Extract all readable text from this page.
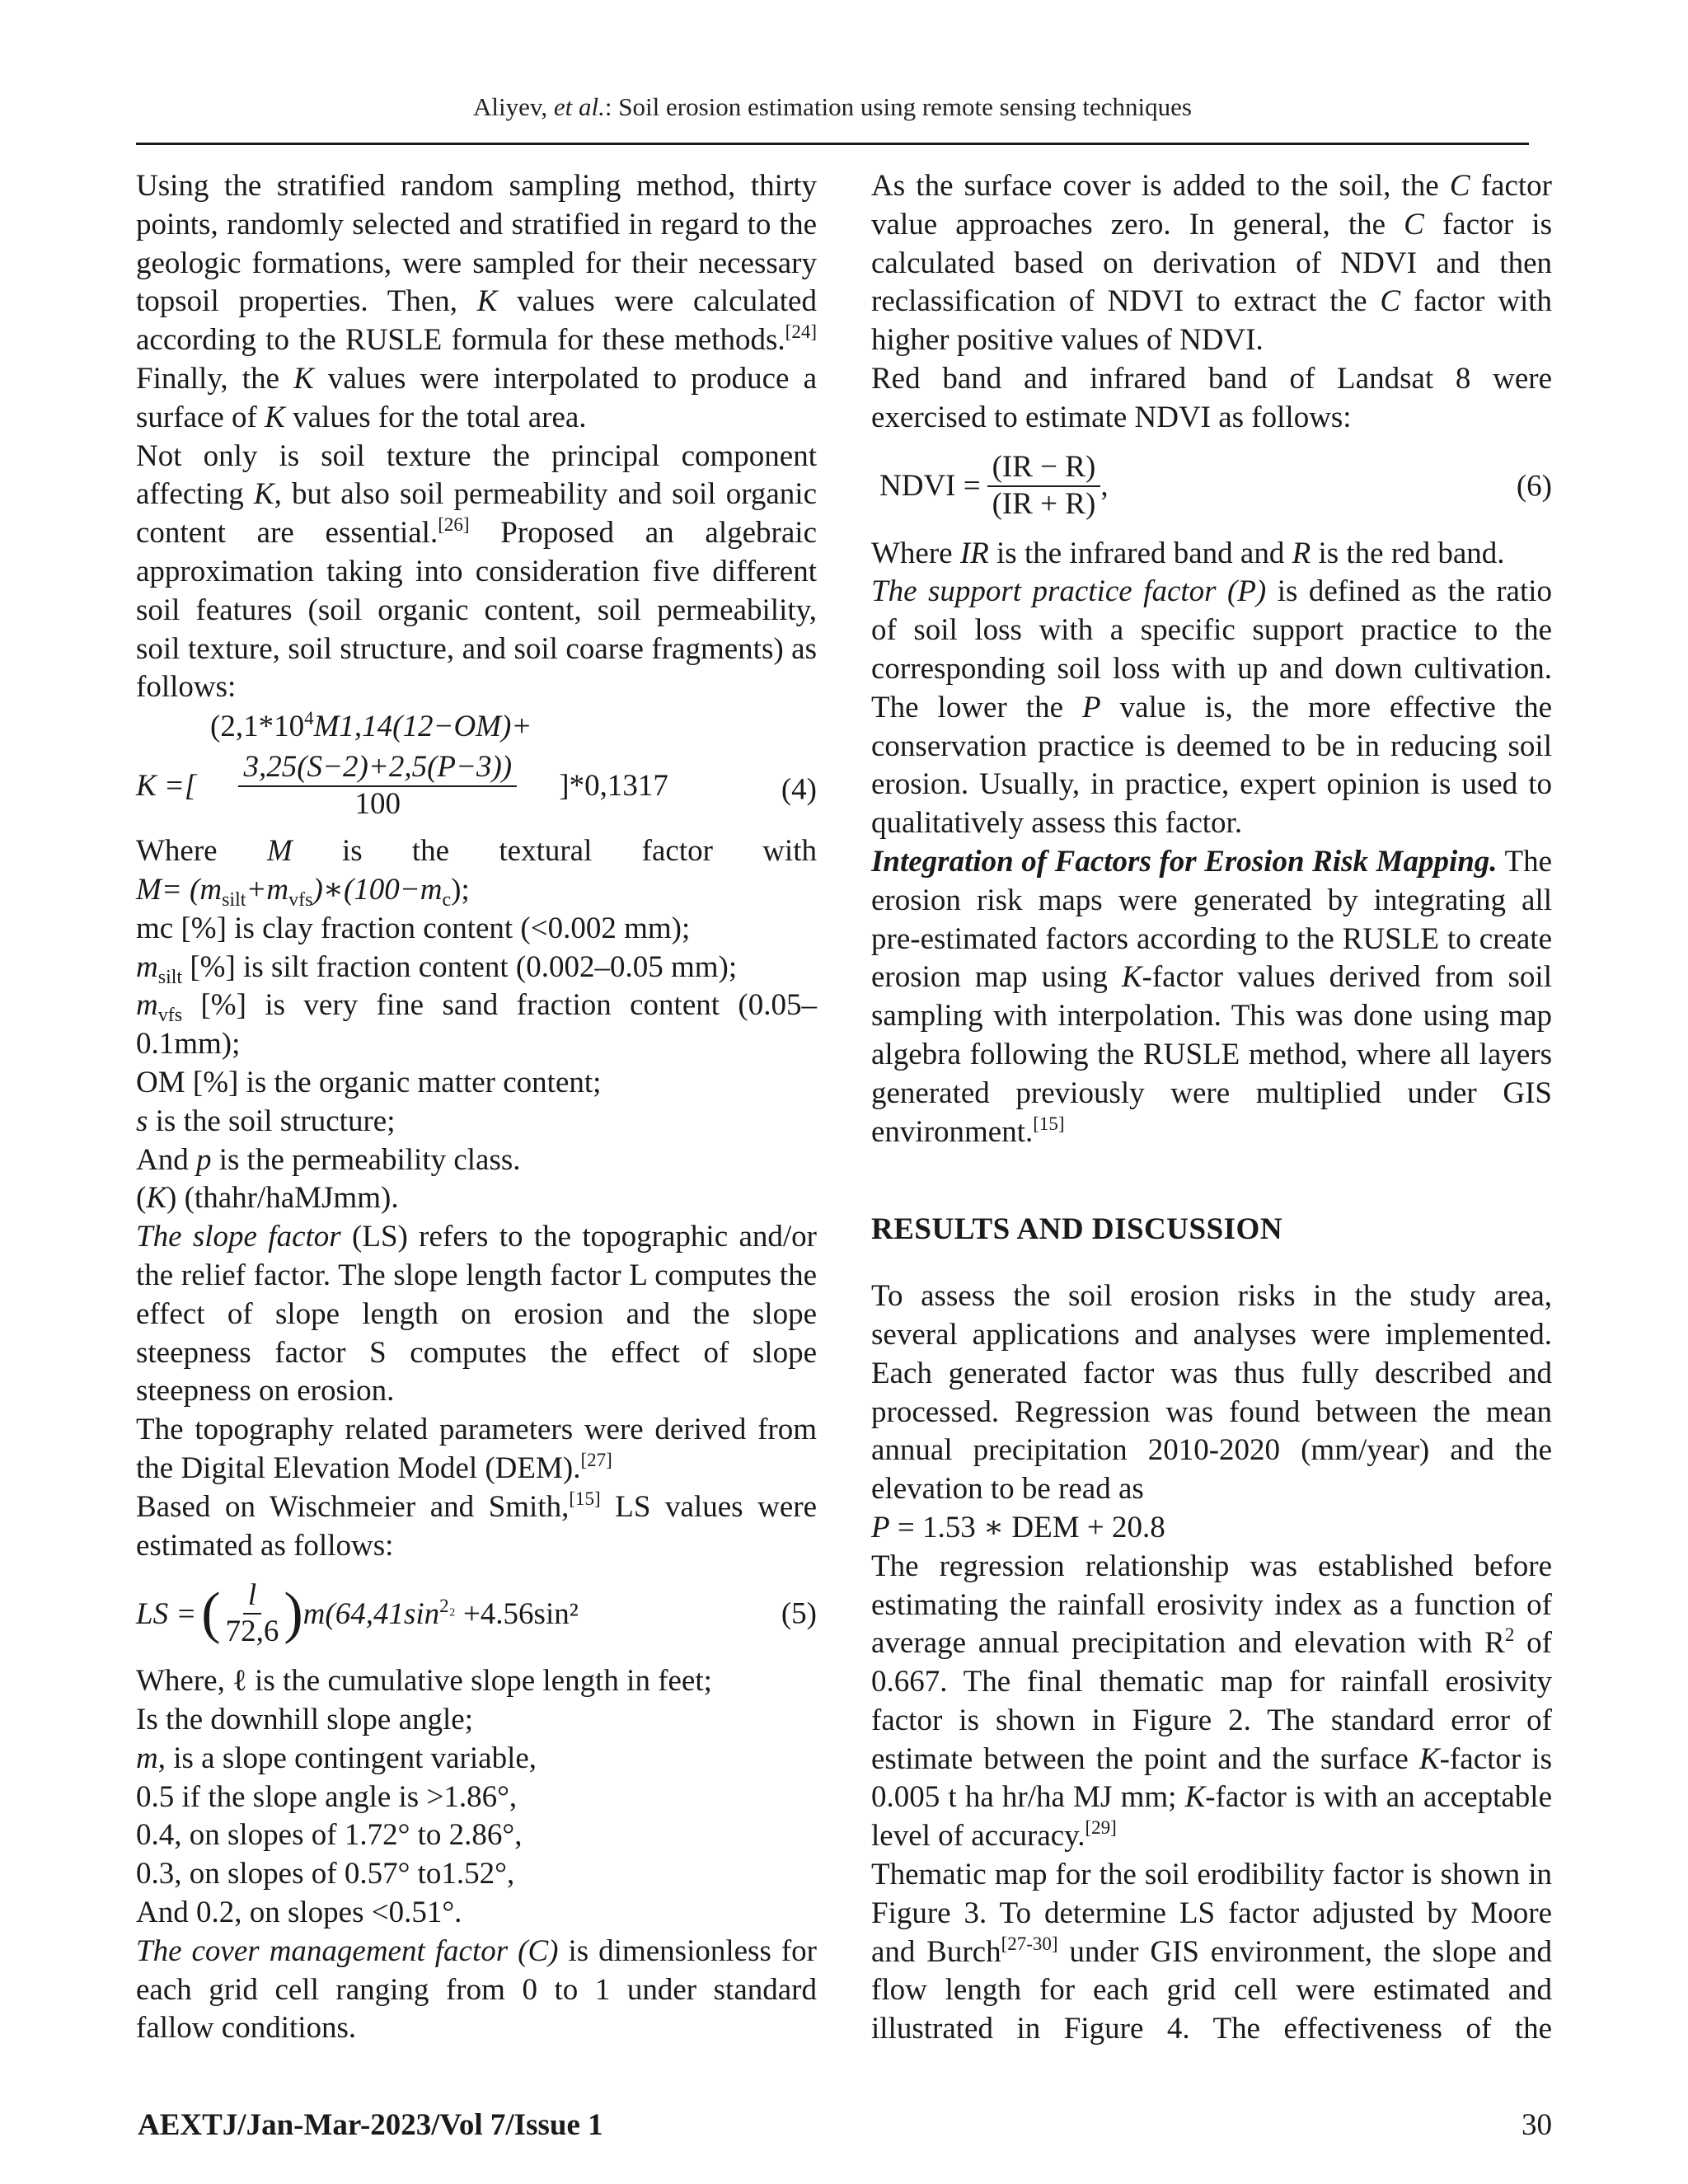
Aliyev, et al.: Soil erosion estimation using remote sensing techniques

Using the stratified random sampling method, thirty points, randomly selected and stratified in regard to the geologic formations, were sampled for their necessary topsoil properties. Then, K values were calculated according to the RUSLE formula for these methods.[24] Finally, the K values were interpolated to produce a surface of K values for the total area.

Not only is soil texture the principal component affecting K, but also soil permeability and soil organic content are essential.[26] Proposed an algebraic approximation taking into consideration five different soil features (soil organic content, soil permeability, soil texture, soil structure, and soil coarse fragments) as follows:

($2,1*10^4M1,14(12-OM)+$
K =[ $\frac{3,25(S-2)+2,5(P-3))}{100} ]*0,1317$	(4)

Where M is the textural factor with

$M= (m_{silt}+m_{vfs})∗(100-m_c)$;

mc [%] is clay fraction content (<0.002 mm);

$m_{silt}$ [%] is silt fraction content (0.002–0.05 mm);

$m_{vfs}$ [%] is very fine sand fraction content (0.05–

0.1mm);

OM [%] is the organic matter content;

s is the soil structure;

And p is the permeability class.

(K) (thahr/haMJmm).

The slope factor (LS) refers to the topographic and/or the relief factor. The slope length factor L computes the effect of slope length on erosion and the slope steepness factor S computes the effect of slope steepness on erosion.

The topography related parameters were derived from the Digital Elevation Model (DEM).[27]

Based on Wischmeier and Smith,[15] LS values were estimated as follows:

LS = ( $\frac{l}{72,6}$ ) $m(64,41\sin^{2_2} +4.56\sin^2$	(5)

Where, ℓ is the cumulative slope length in feet;

Is the downhill slope angle;

m, is a slope contingent variable,

0.5 if the slope angle is >1.86°,

0.4, on slopes of 1.72° to 2.86°,

0.3, on slopes of 0.57° to1.52°,

And 0.2, on slopes <0.51°.

The cover management factor (C) is dimensionless for each grid cell ranging from 0 to 1 under standard fallow conditions.

As the surface cover is added to the soil, the C factor value approaches zero. In general, the C factor is calculated based on derivation of NDVI and then reclassification of NDVI to extract the C factor with higher positive values of NDVI.

Red band and infrared band of Landsat 8 were exercised to estimate NDVI as follows:

NDVI = $\frac{(IR - R)}{(IR + R)}$ ,	(6)

Where IR is the infrared band and R is the red band.

The support practice factor (P) is defined as the ratio of soil loss with a specific support practice to the corresponding soil loss with up and down cultivation. The lower the P value is, the more effective the conservation practice is deemed to be in reducing soil erosion. Usually, in practice, expert opinion is used to qualitatively assess this factor.

Integration of Factors for Erosion Risk Mapping. The erosion risk maps were generated by integrating all pre-estimated factors according to the RUSLE to create erosion map using K-factor values derived from soil sampling with interpolation. This was done using map algebra following the RUSLE method, where all layers generated previously were multiplied under GIS environment.[15]

RESULTS AND DISCUSSION

To assess the soil erosion risks in the study area, several applications and analyses were implemented. Each generated factor was thus fully described and processed. Regression was found between the mean annual precipitation 2010-2020 (mm/year) and the elevation to be read as

P = 1.53 ∗ DEM + 20.8

The regression relationship was established before estimating the rainfall erosivity index as a function of average annual precipitation and elevation with $R^2$ of 0.667. The final thematic map for rainfall erosivity factor is shown in Figure 2. The standard error of estimate between the point and the surface K-factor is 0.005 t ha hr/ha MJ mm; K-factor is with an acceptable level of accuracy.[29]

Thematic map for the soil erodibility factor is shown in Figure 3. To determine LS factor adjusted by Moore and Burch[27-30] under GIS environment, the slope and flow length for each grid cell were estimated and illustrated in Figure 4. The effectiveness of the

AEXTJ/Jan-Mar-2023/Vol 7/Issue 1	30
